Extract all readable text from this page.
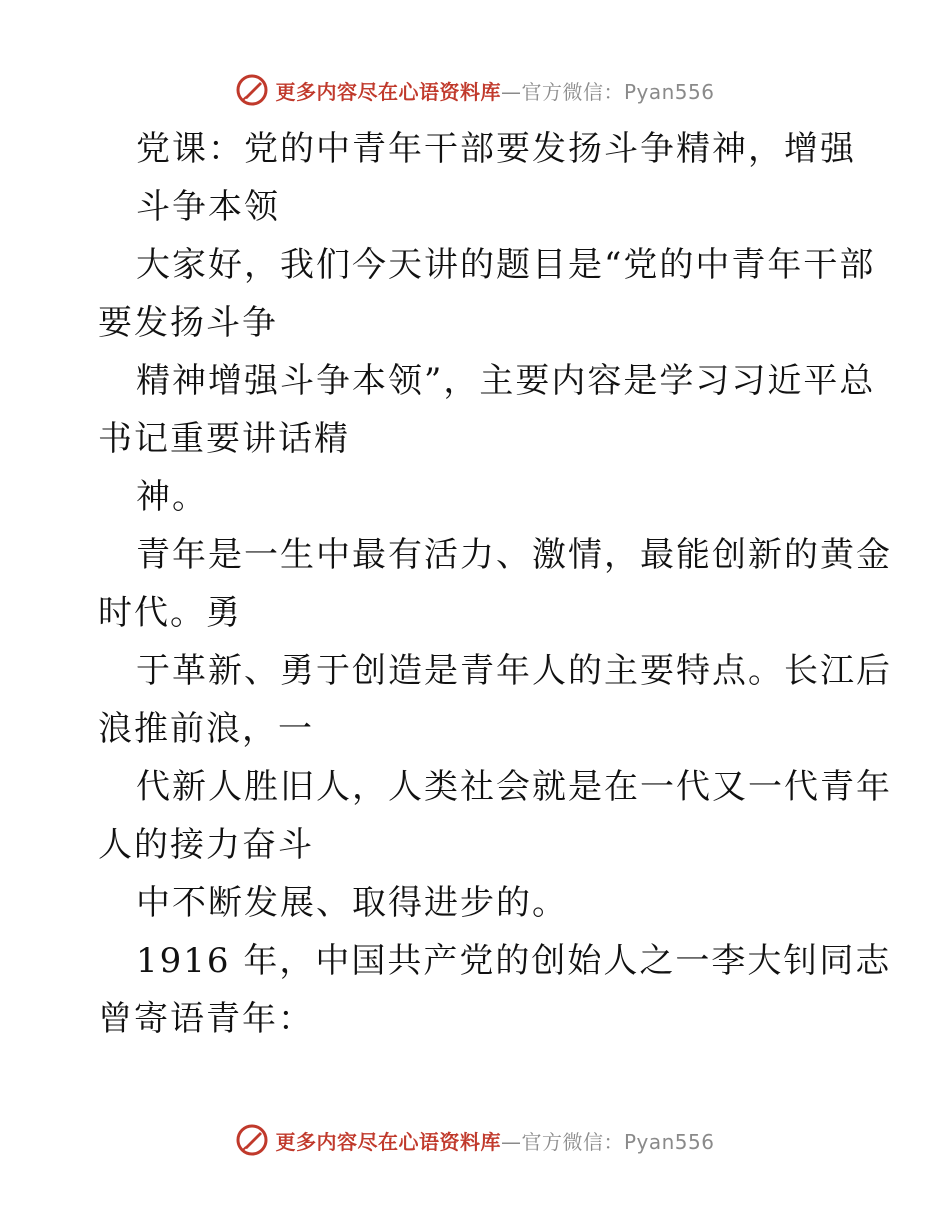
更多内容尽在心语资料库—官方微信：Pyan556
党课：党的中青年干部要发扬斗争精神，增强
斗争本领
大家好，我们今天讲的题目是“党的中青年干部
要发扬斗争
精神增强斗争本领”，主要内容是学习习近平总
书记重要讲话精
神。
青年是一生中最有活力、激情，最能创新的黄金
时代。勇
于革新、勇于创造是青年人的主要特点。长江后
浪推前浪，一
代新人胜旧人，人类社会就是在一代又一代青年
人的接力奋斗
中不断发展、取得进步的。
1916 年，中国共产党的创始人之一李大钊同志
曾寄语青年：
更多内容尽在心语资料库—官方微信：Pyan556
